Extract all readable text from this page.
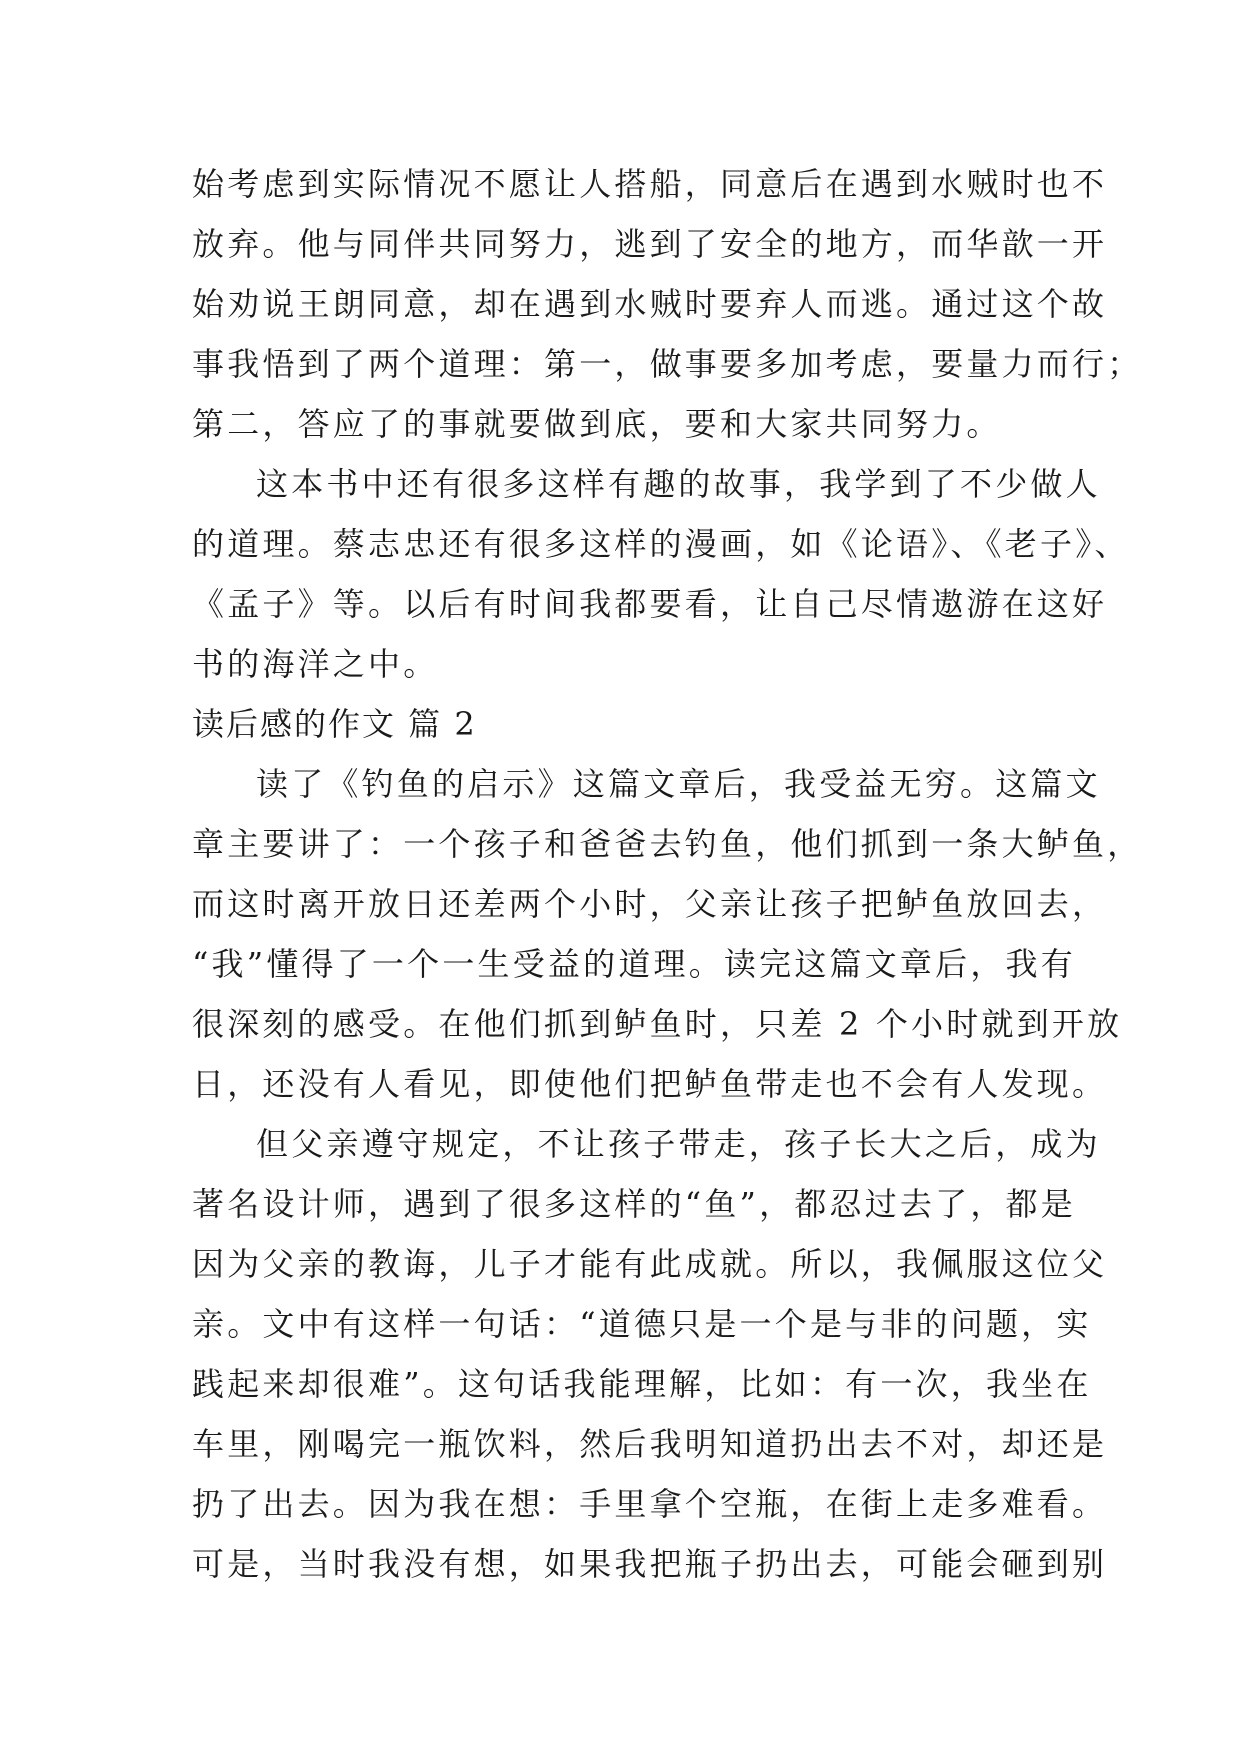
始考虑到实际情况不愿让人搭船，同意后在遇到水贼时也不
放弃。他与同伴共同努力，逃到了安全的地方，而华歆一开
始劝说王朗同意，却在遇到水贼时要弃人而逃。通过这个故
事我悟到了两个道理：第一，做事要多加考虑，要量力而行；
第二，答应了的事就要做到底，要和大家共同努力。
这本书中还有很多这样有趣的故事，我学到了不少做人
的道理。蔡志忠还有很多这样的漫画，如《论语》、《老子》、
《孟子》等。以后有时间我都要看，让自己尽情遨游在这好
书的海洋之中。
读后感的作文 篇 2
读了《钓鱼的启示》这篇文章后，我受益无穷。这篇文
章主要讲了：一个孩子和爸爸去钓鱼，他们抓到一条大鲈鱼，
而这时离开放日还差两个小时，父亲让孩子把鲈鱼放回去，
“我”懂得了一个一生受益的道理。读完这篇文章后，我有
很深刻的感受。在他们抓到鲈鱼时，只差 2 个小时就到开放
日，还没有人看见，即使他们把鲈鱼带走也不会有人发现。
但父亲遵守规定，不让孩子带走，孩子长大之后，成为
著名设计师，遇到了很多这样的“鱼”，都忍过去了，都是
因为父亲的教诲，儿子才能有此成就。所以，我佩服这位父
亲。文中有这样一句话：“道德只是一个是与非的问题，实
践起来却很难”。这句话我能理解，比如：有一次，我坐在
车里，刚喝完一瓶饮料，然后我明知道扔出去不对，却还是
扔了出去。因为我在想：手里拿个空瓶，在街上走多难看。
可是，当时我没有想，如果我把瓶子扔出去，可能会砸到别
